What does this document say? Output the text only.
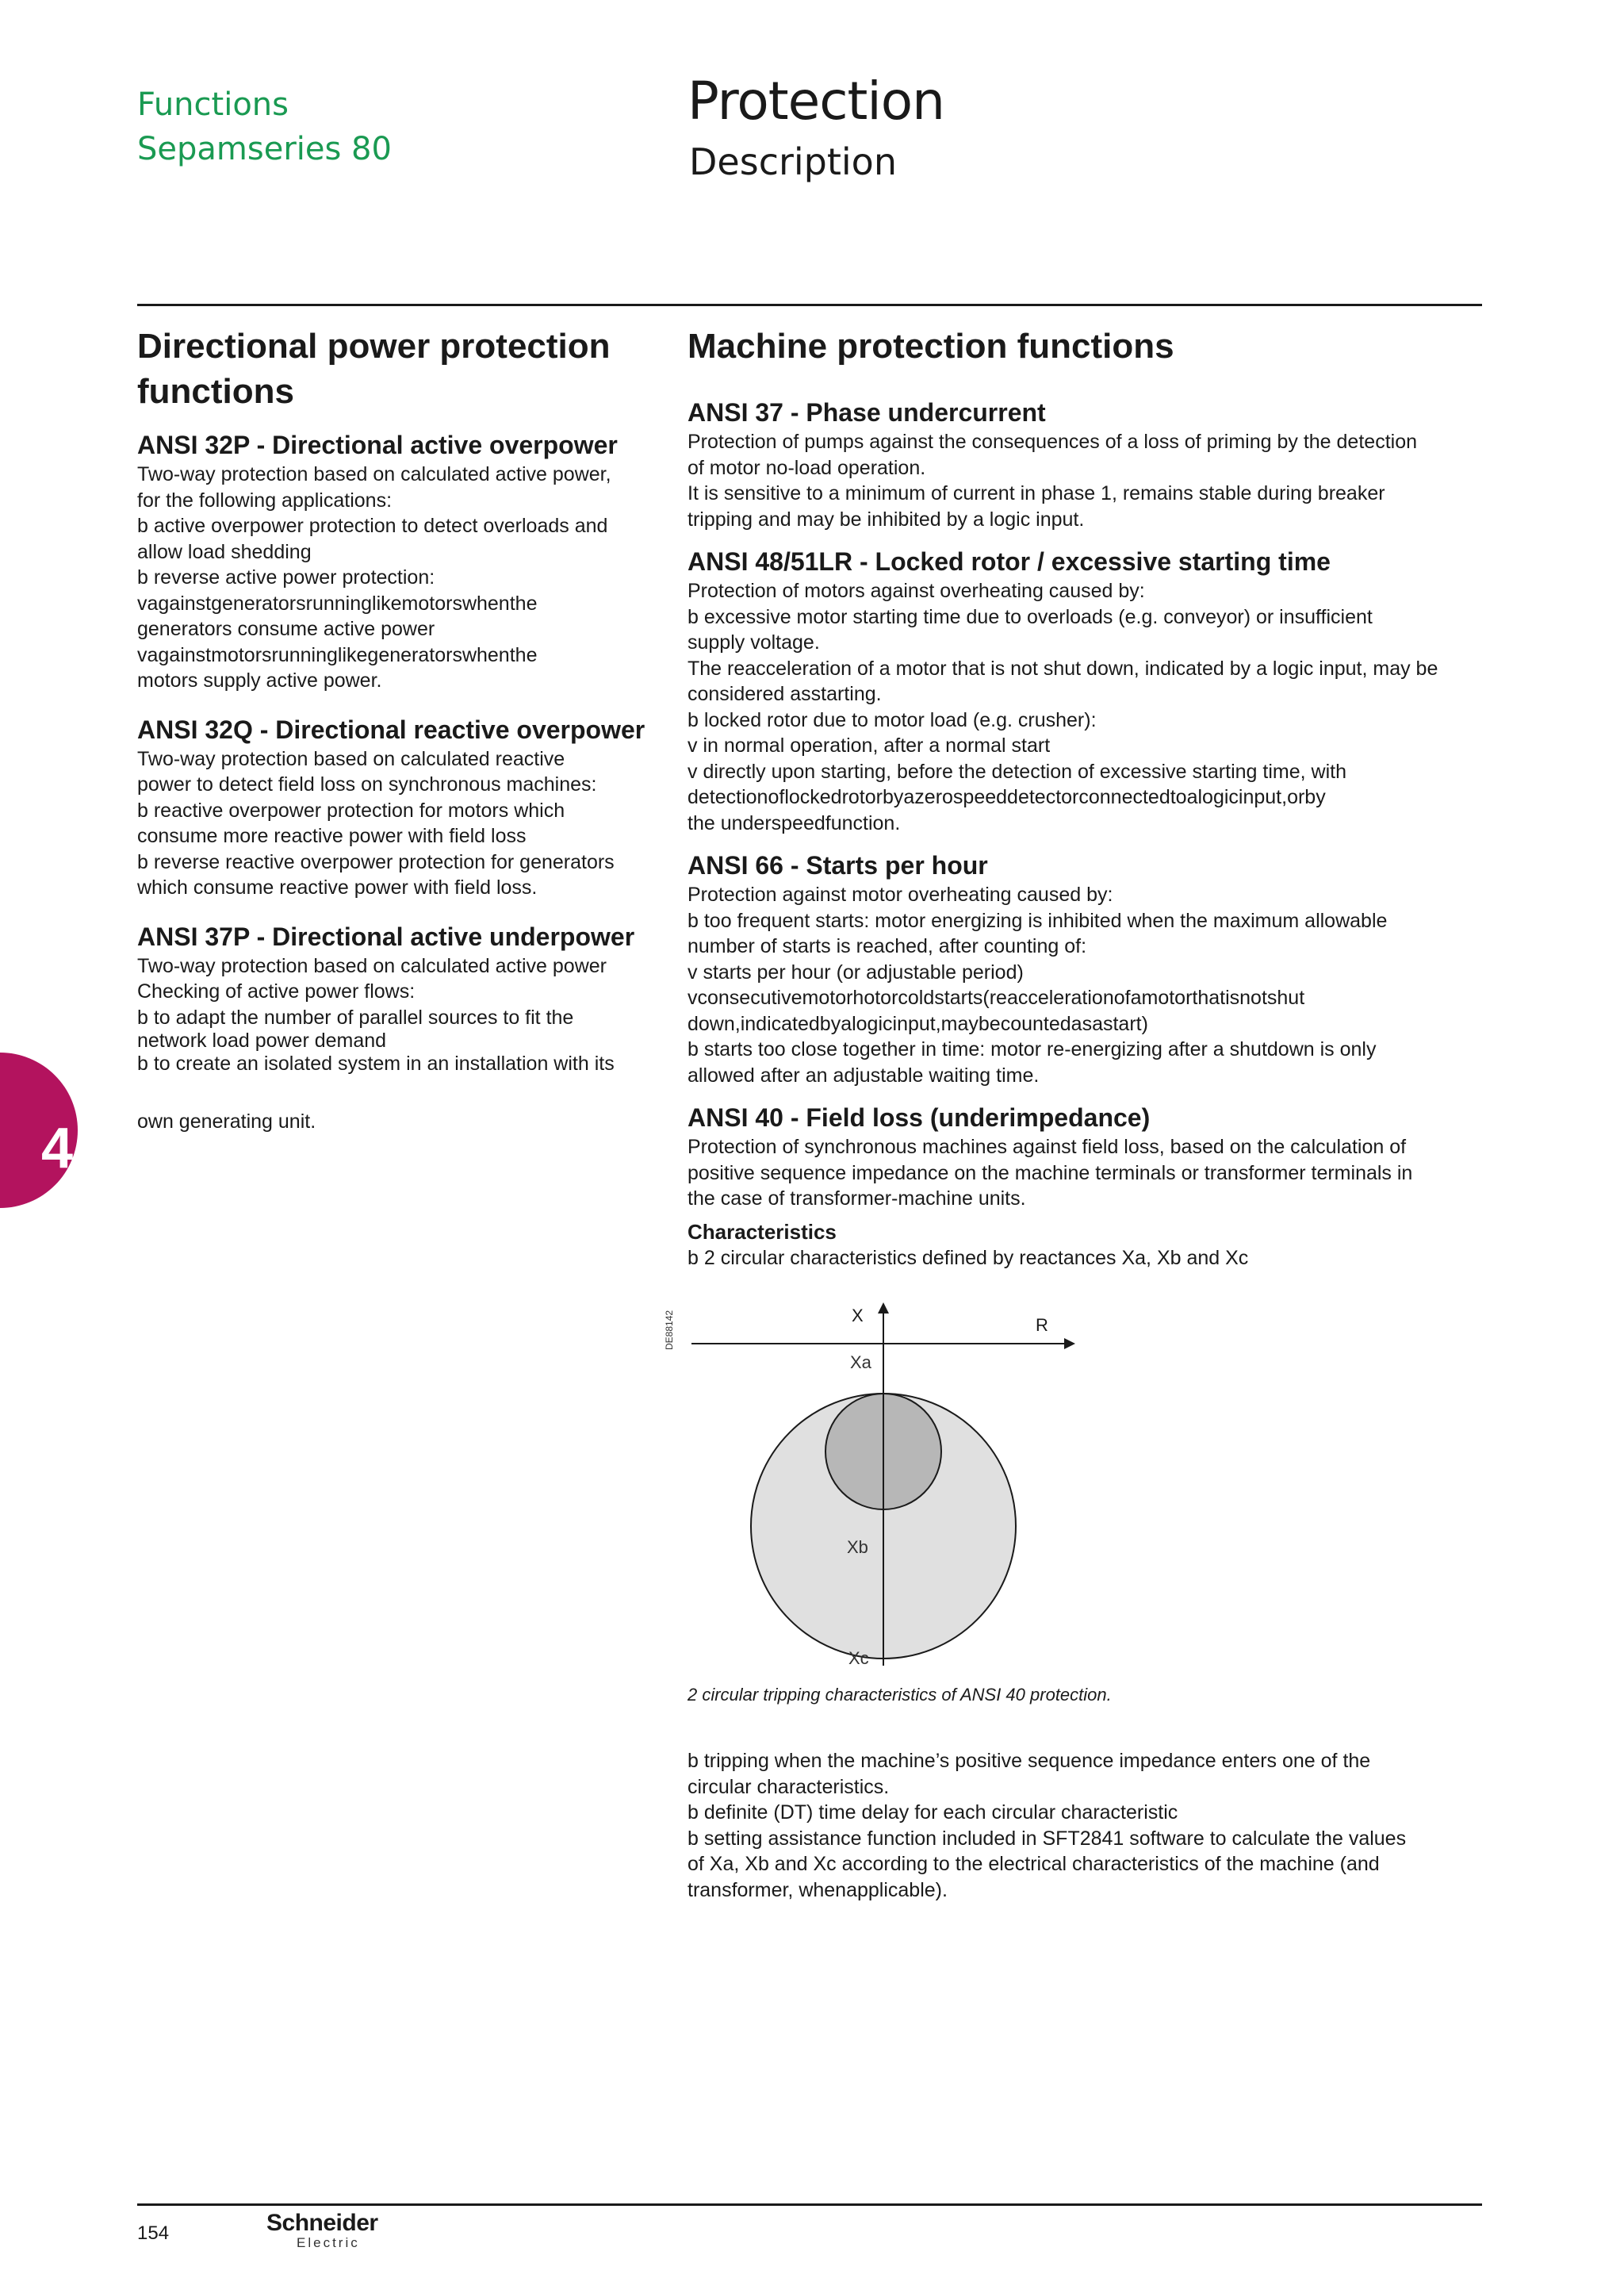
Functions
Sepamseries 80
Protection
Description
4
Directional power protection functions
ANSI 32P - Directional active overpower
Two-way protection based on calculated active power,
for the following applications:
b active overpower protection to detect overloads and
allow load shedding
b reverse active power protection:
vagainstgeneratorsrunninglikemotorswhenthe
generators consume active power
vagainstmotorsrunninglikegeneratorswhenthe
motors supply active power.
ANSI 32Q - Directional reactive overpower
Two-way protection based on calculated reactive
power to detect field loss on synchronous machines:
b reactive overpower protection for motors which
consume more reactive power with field loss
b reverse reactive overpower protection for generators
which consume reactive power with field loss.
ANSI 37P - Directional active underpower
Two-way protection based on calculated active power
Checking of active power flows:
b to adapt the number of parallel sources to fit the
network load power demand
b to create an isolated system in an installation with its
own generating unit.
Machine protection functions
ANSI 37 - Phase undercurrent
Protection of pumps against the consequences of a loss of priming by the detection
of motor no-load operation.
It is sensitive to a minimum of current in phase 1, remains stable during breaker
tripping and may be inhibited by a logic input.
ANSI 48/51LR - Locked rotor / excessive starting time
Protection of motors against overheating caused by:
b excessive motor starting time due to overloads (e.g. conveyor) or insufficient
supply voltage.
The reacceleration of a motor that is not shut down, indicated by a logic input, may be
considered asstarting.
b locked rotor due to motor load (e.g. crusher):
v in normal operation, after a normal start
v directly upon starting, before the detection of excessive starting time, with
detectionoflockedrotorbyazerospeeddetectorconnectedtoalogicinput,orby
the underspeedfunction.
ANSI 66 - Starts per hour
Protection against motor overheating caused by:
b too frequent starts: motor energizing is inhibited when the maximum allowable
number of starts is reached, after counting of:
v starts per hour (or adjustable period)
vconsecutivemotorhotorcoldstarts(reaccelerationofamotorthatisnotshut
down,indicatedbyalogicinput,maybecountedasastart)
b starts too close together in time: motor re-energizing after a shutdown is only
allowed after an adjustable waiting time.
ANSI 40 - Field loss (underimpedance)
Protection of synchronous machines against field loss, based on the calculation of
positive sequence impedance on the machine terminals or transformer terminals in
the case of transformer-machine units.
Characteristics
b 2 circular characteristics defined by reactances Xa, Xb and Xc
DE88142	X	R
Xa
Xb
Xc
2 circular tripping characteristics of ANSI 40 protection.
b tripping when the machine’s positive sequence impedance enters one of the
circular characteristics.
b definite (DT) time delay for each circular characteristic
b setting assistance function included in SFT2841 software to calculate the values
of Xa, Xb and Xc according to the electrical characteristics of the machine (and
transformer, whenapplicable).
154	Schneider
Electric
